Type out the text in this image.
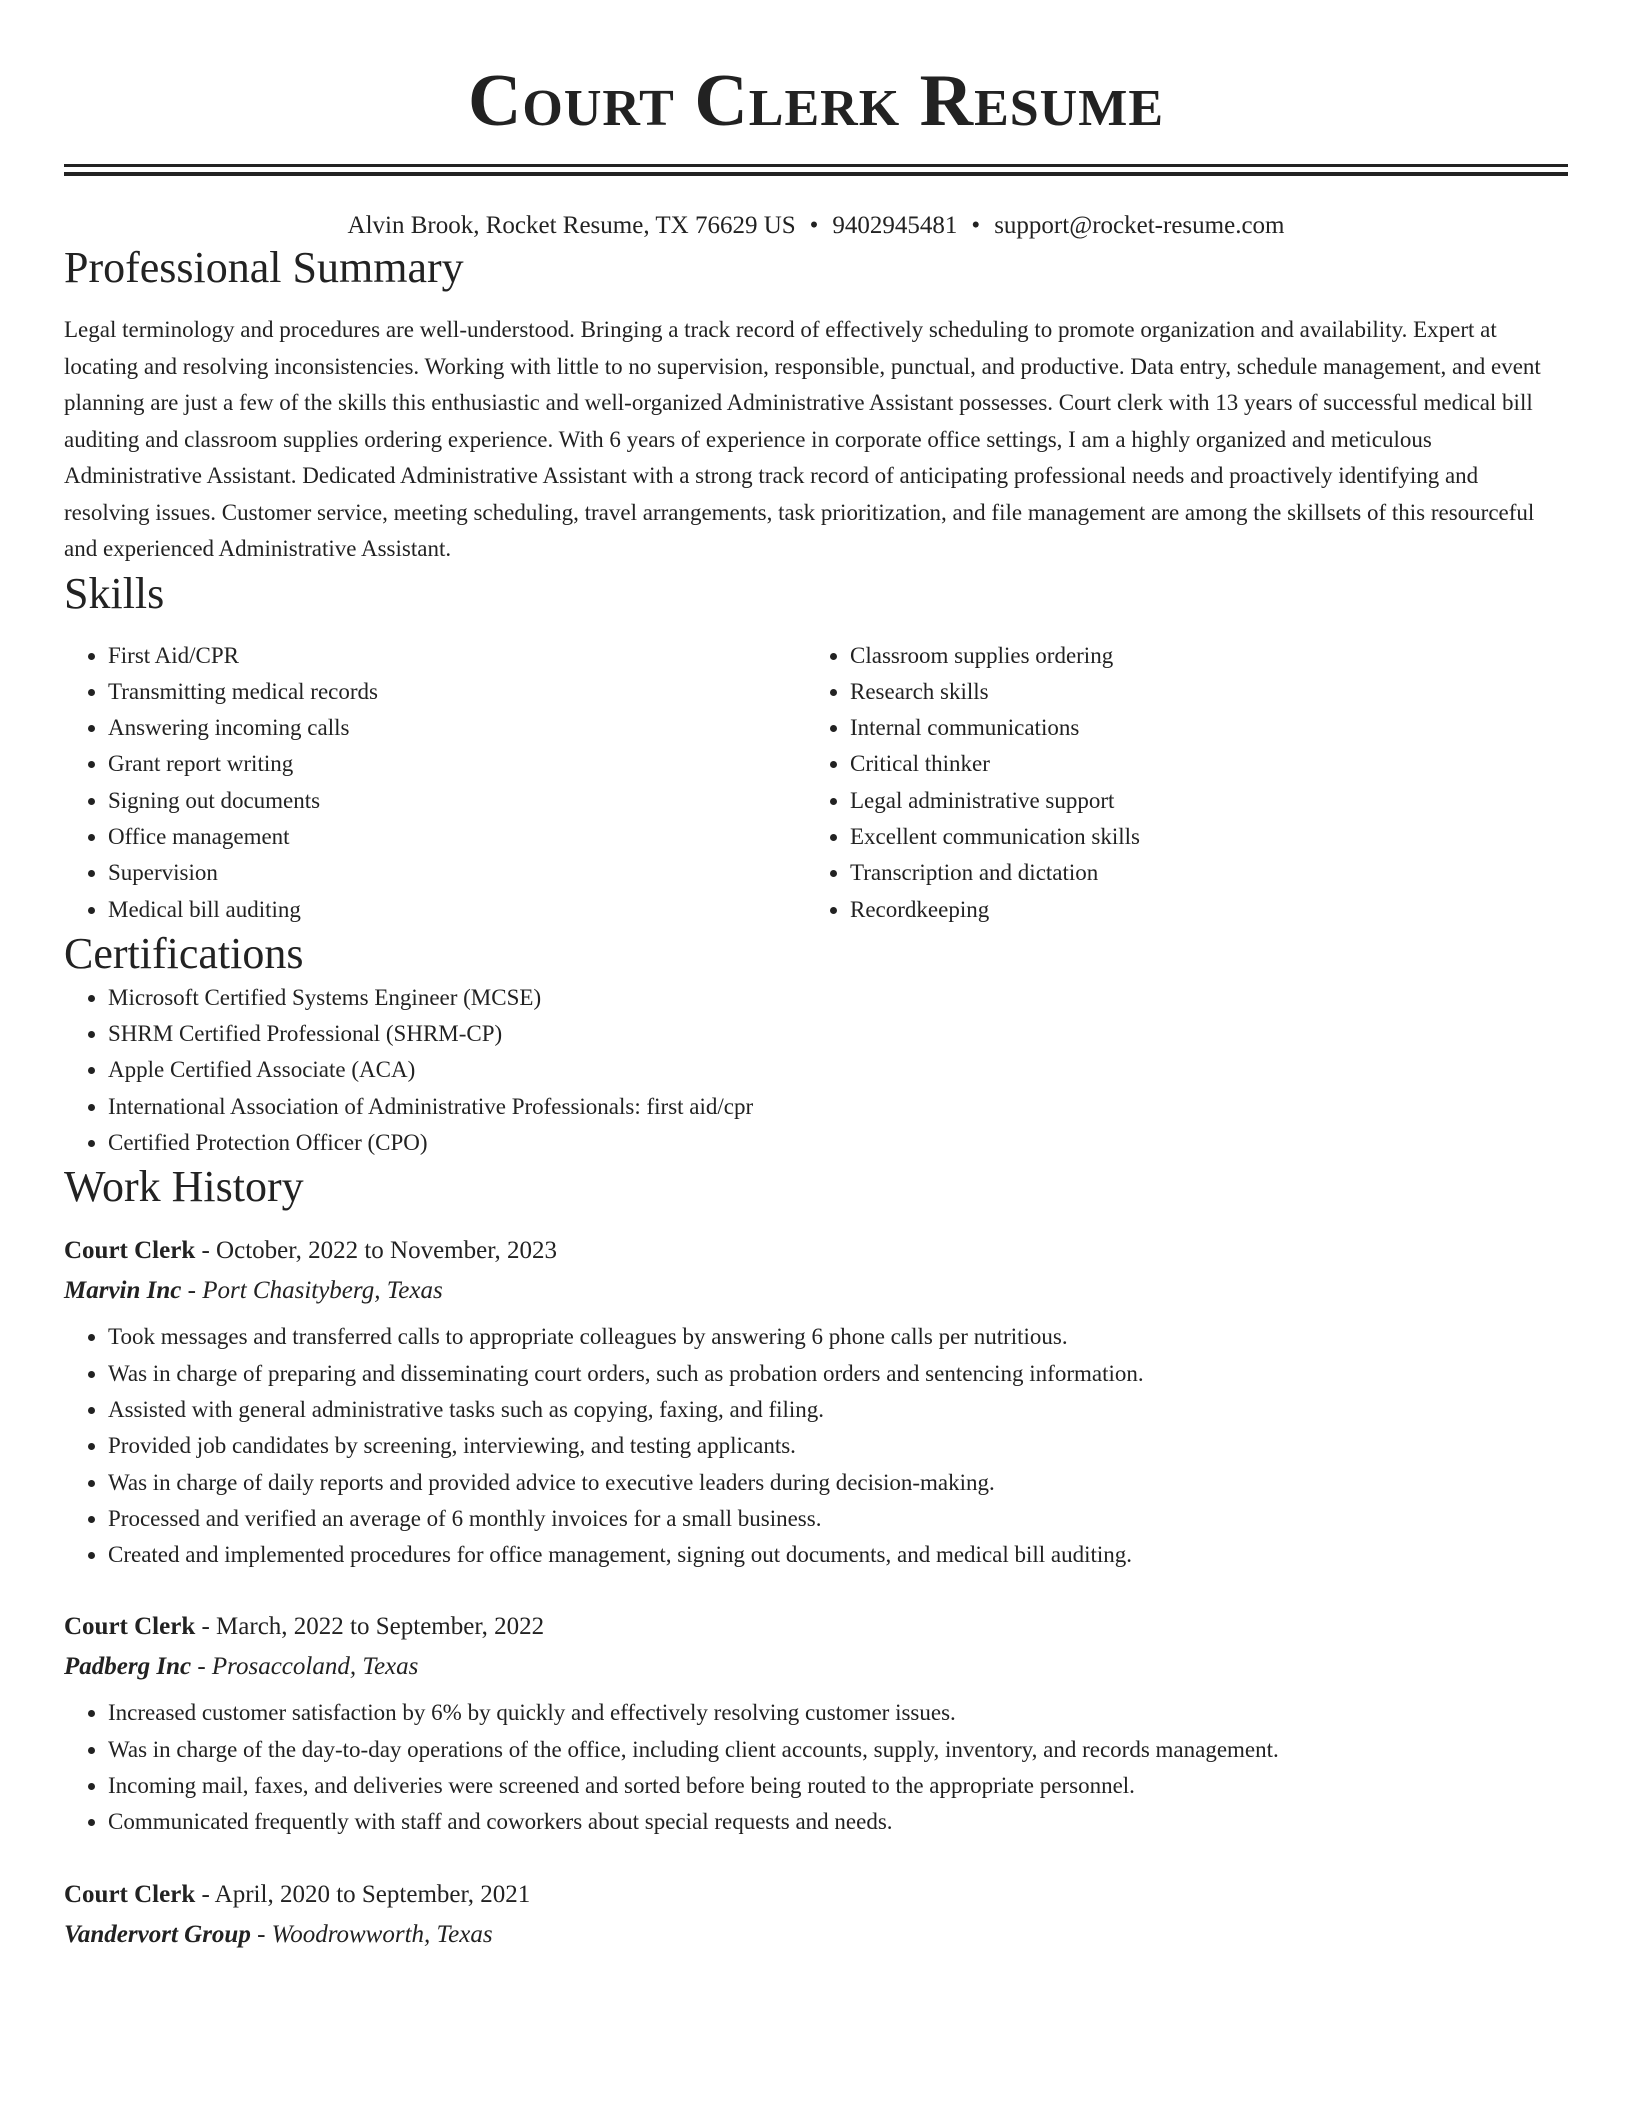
Court Clerk Resume
Alvin Brook, Rocket Resume, TX 76629 US • 9402945481 • support@rocket-resume.com
Professional Summary

Legal terminology and procedures are well-understood. Bringing a track record of effectively scheduling to promote organization and availability. Expert at locating and resolving inconsistencies. Working with little to no supervision, responsible, punctual, and productive. Data entry, schedule management, and event planning are just a few of the skills this enthusiastic and well-organized Administrative Assistant possesses. Court clerk with 13 years of successful medical bill auditing and classroom supplies ordering experience. With 6 years of experience in corporate office settings, I am a highly organized and meticulous Administrative Assistant. Dedicated Administrative Assistant with a strong track record of anticipating professional needs and proactively identifying and resolving issues. Customer service, meeting scheduling, travel arrangements, task prioritization, and file management are among the skillsets of this resourceful and experienced Administrative Assistant.

Skills
• First Aid/CPR
• Transmitting medical records
• Answering incoming calls
• Grant report writing
• Signing out documents
• Office management
• Supervision
• Medical bill auditing
• Classroom supplies ordering
• Research skills
• Internal communications
• Critical thinker
• Legal administrative support
• Excellent communication skills
• Transcription and dictation
• Recordkeeping
Certifications
• Microsoft Certified Systems Engineer (MCSE)
• SHRM Certified Professional (SHRM-CP)
• Apple Certified Associate (ACA)
• International Association of Administrative Professionals: first aid/cpr
• Certified Protection Officer (CPO)
Work History
Court Clerk - October, 2022 to November, 2023
Marvin Inc - Port Chasityberg, Texas
• Took messages and transferred calls to appropriate colleagues by answering 6 phone calls per nutritious.
• Was in charge of preparing and disseminating court orders, such as probation orders and sentencing information.
• Assisted with general administrative tasks such as copying, faxing, and filing.
• Provided job candidates by screening, interviewing, and testing applicants.
• Was in charge of daily reports and provided advice to executive leaders during decision-making.
• Processed and verified an average of 6 monthly invoices for a small business.
• Created and implemented procedures for office management, signing out documents, and medical bill auditing.
Court Clerk - March, 2022 to September, 2022
Padberg Inc - Prosaccoland, Texas
• Increased customer satisfaction by 6% by quickly and effectively resolving customer issues.
• Was in charge of the day-to-day operations of the office, including client accounts, supply, inventory, and records management.
• Incoming mail, faxes, and deliveries were screened and sorted before being routed to the appropriate personnel.
• Communicated frequently with staff and coworkers about special requests and needs.
Court Clerk - April, 2020 to September, 2021
Vandervort Group - Woodrowworth, Texas
